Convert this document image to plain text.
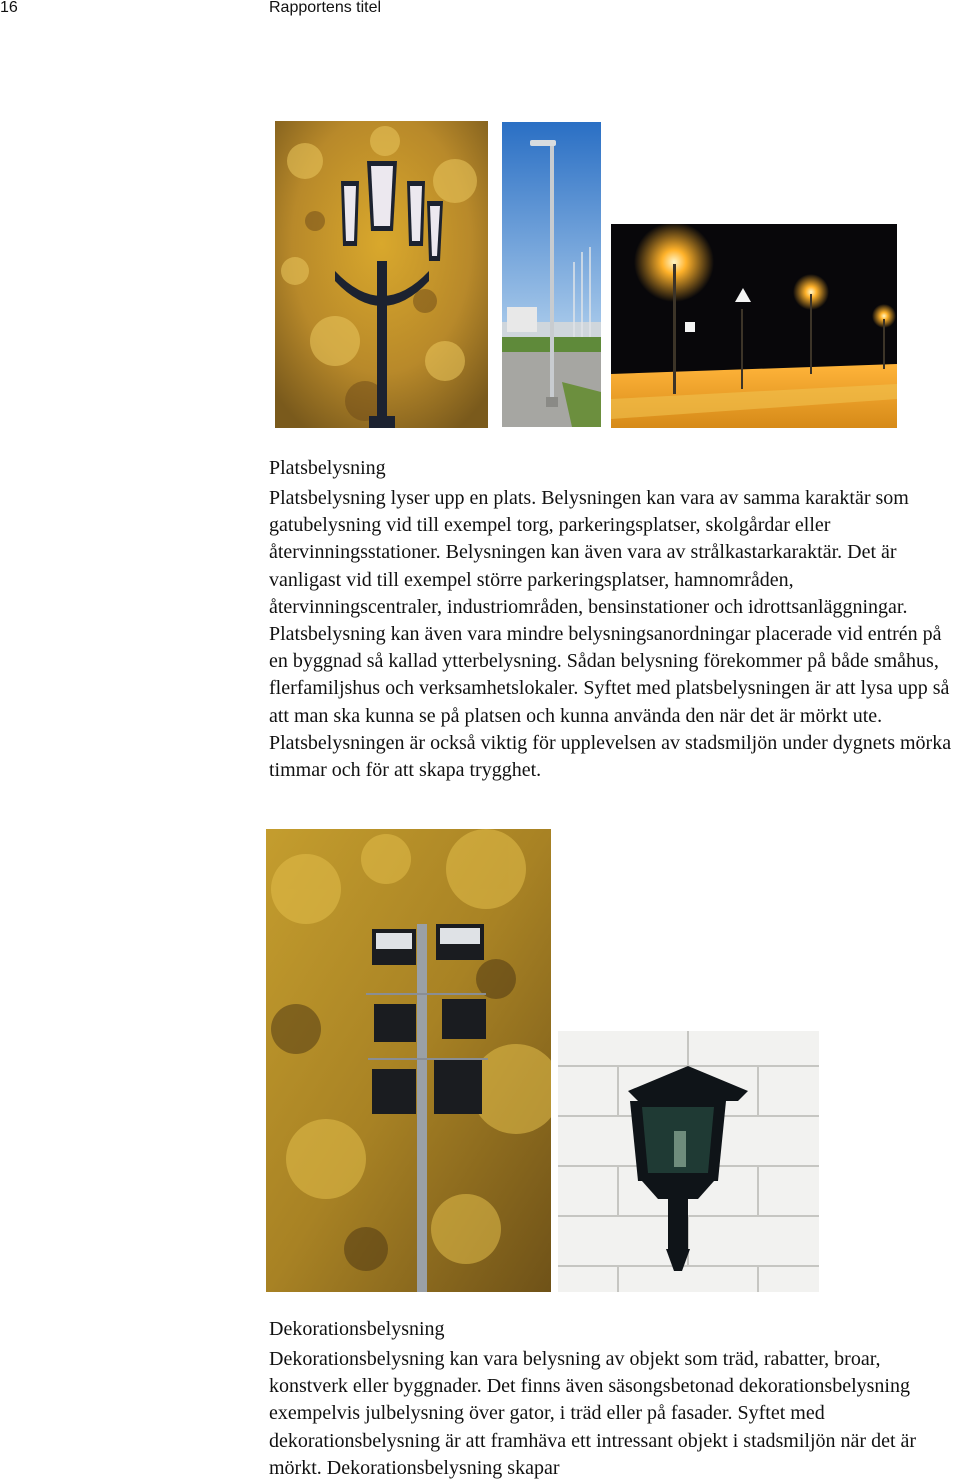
16	Rapportens titel
Platsbelysning

Platsbelysning lyser upp en plats. Belysningen kan vara av samma karaktär som gatubelysning vid till exempel torg, parkeringsplatser, skolgårdar eller återvinningsstationer. Belysningen kan även vara av strålkastarkaraktär. Det är vanligast vid till exempel större parkeringsplatser, hamnområden, återvinningscentraler, industriområden, bensinstationer och idrottsanläggningar. Platsbelysning kan även vara mindre belysningsanordningar placerade vid entrén på en byggnad så kallad ytterbelysning. Sådan belysning förekommer på både småhus, flerfamiljshus och verksamhetslokaler. Syftet med platsbelysningen är att lysa upp så att man ska kunna se på platsen och kunna använda den när det är mörkt ute. Platsbelysningen är också viktig för upplevelsen av stadsmiljön under dygnets mörka timmar och för att skapa trygghet.

Dekorationsbelysning

Dekorationsbelysning kan vara belysning av objekt som träd, rabatter, broar, konstverk eller byggnader. Det finns även säsongsbetonad dekorationsbelysning exempelvis julbelysning över gator, i träd eller på fasader. Syftet med dekorationsbelysning är att framhäva ett intressant objekt i stadsmiljön när det är mörkt. Dekorationsbelysning skapar
